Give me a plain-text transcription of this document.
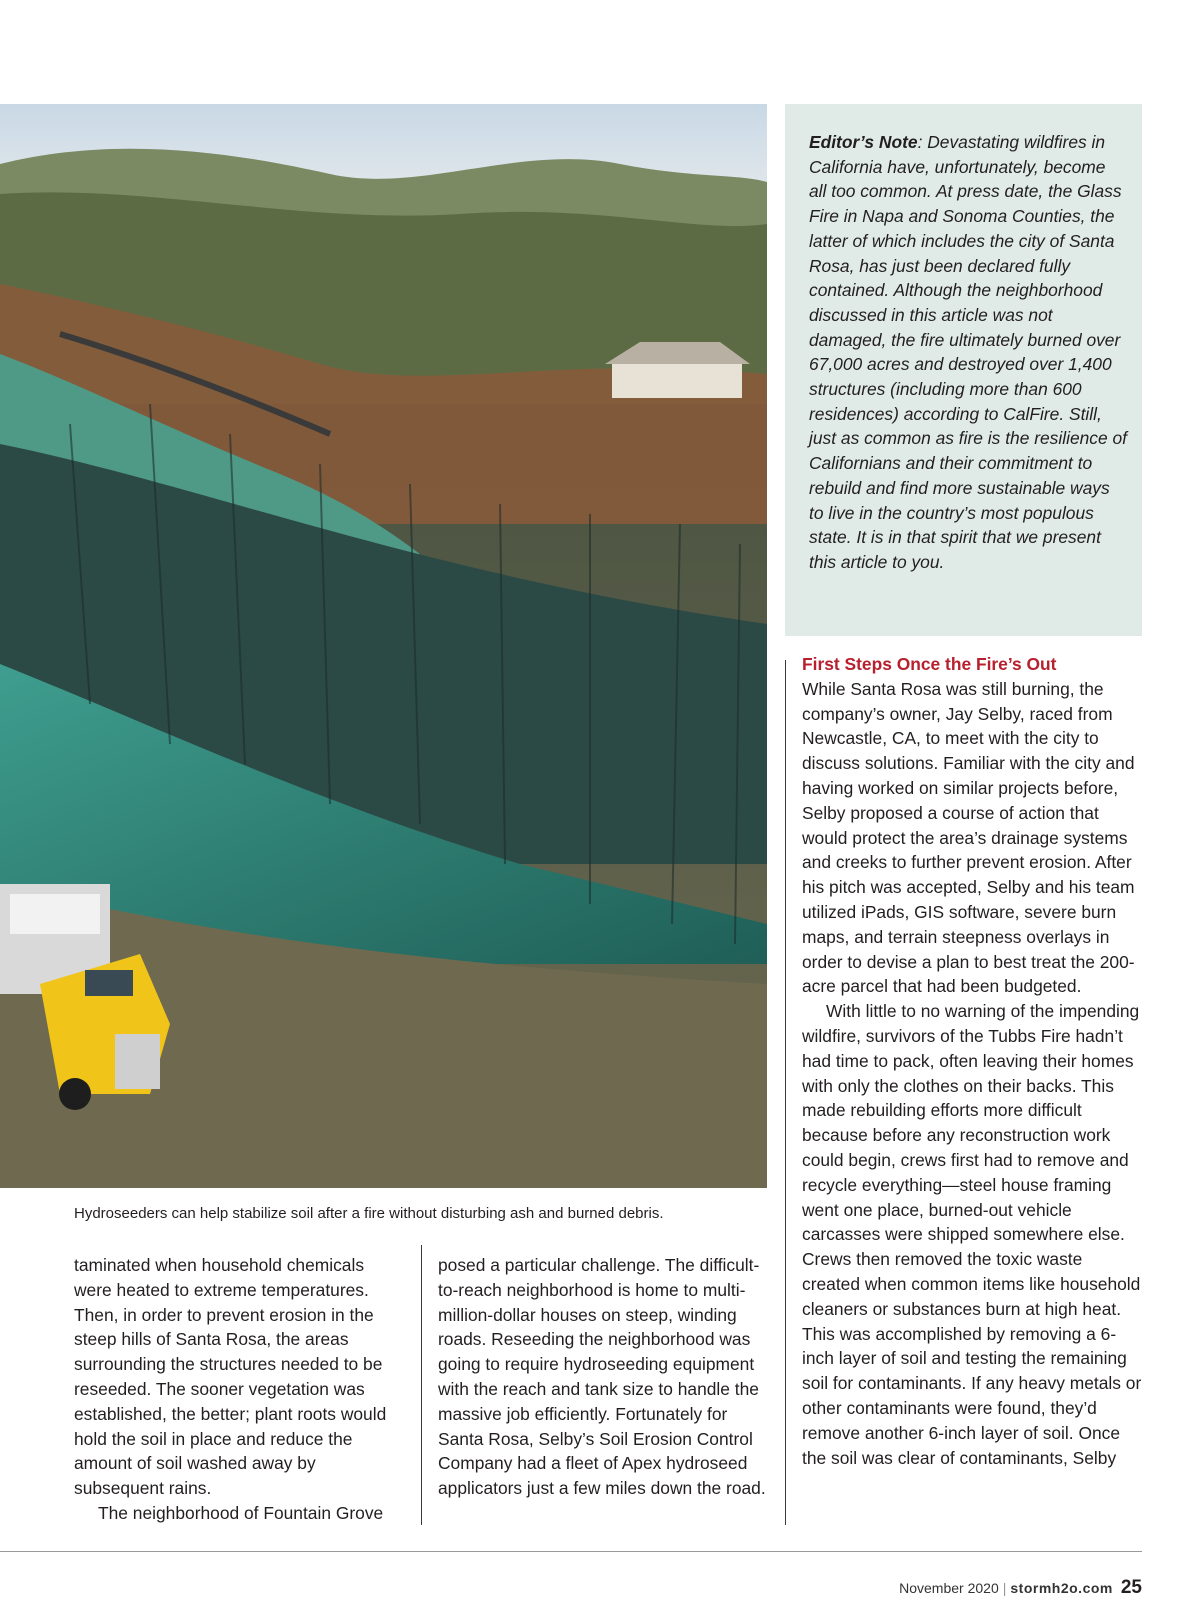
Hydroseeders can help stabilize soil after a fire without disturbing ash and burned debris.
Editor’s Note: Devastating wildfires in California have, unfortunately, become all too common. At press date, the Glass Fire in Napa and Sonoma Counties, the latter of which includes the city of Santa Rosa, has just been declared fully contained. Although the neighborhood discussed in this article was not damaged, the fire ultimately burned over 67,000 acres and destroyed over 1,400 structures (including more than 600 residences) according to CalFire. Still, just as common as fire is the resilience of Californians and their commitment to rebuild and find more sustainable ways to live in the country’s most populous state. It is in that spirit that we present this article to you.

taminated when household chemicals were heated to extreme temperatures. Then, in order to prevent erosion in the steep hills of Santa Rosa, the areas surrounding the structures needed to be reseeded. The sooner vegetation was established, the better; plant roots would hold the soil in place and reduce the amount of soil washed away by subsequent rains.

The neighborhood of Fountain Grove

posed a particular challenge. The difficult-to-reach neighborhood is home to multi-million-dollar houses on steep, winding roads. Reseeding the neighborhood was going to require hydroseeding equipment with the reach and tank size to handle the massive job efficiently. Fortunately for Santa Rosa, Selby’s Soil Erosion Control Company had a fleet of Apex hydroseed applicators just a few miles down the road.

First Steps Once the Fire’s Out

While Santa Rosa was still burning, the company’s owner, Jay Selby, raced from Newcastle, CA, to meet with the city to discuss solutions. Familiar with the city and having worked on similar projects before, Selby proposed a course of action that would protect the area’s drainage systems and creeks to further prevent erosion. After his pitch was accepted, Selby and his team utilized iPads, GIS software, severe burn maps, and terrain steepness overlays in order to devise a plan to best treat the 200-acre parcel that had been budgeted.

With little to no warning of the impending wildfire, survivors of the Tubbs Fire hadn’t had time to pack, often leaving their homes with only the clothes on their backs. This made rebuilding efforts more difficult because before any reconstruction work could begin, crews first had to remove and recycle everything—steel house framing went one place, burned-out vehicle carcasses were shipped somewhere else. Crews then removed the toxic waste created when common items like household cleaners or substances burn at high heat. This was accomplished by removing a 6-inch layer of soil and testing the remaining soil for contaminants. If any heavy metals or other contaminants were found, they’d remove another 6-inch layer of soil. Once the soil was clear of contaminants, Selby

November 2020 | stormh2o.com 25
